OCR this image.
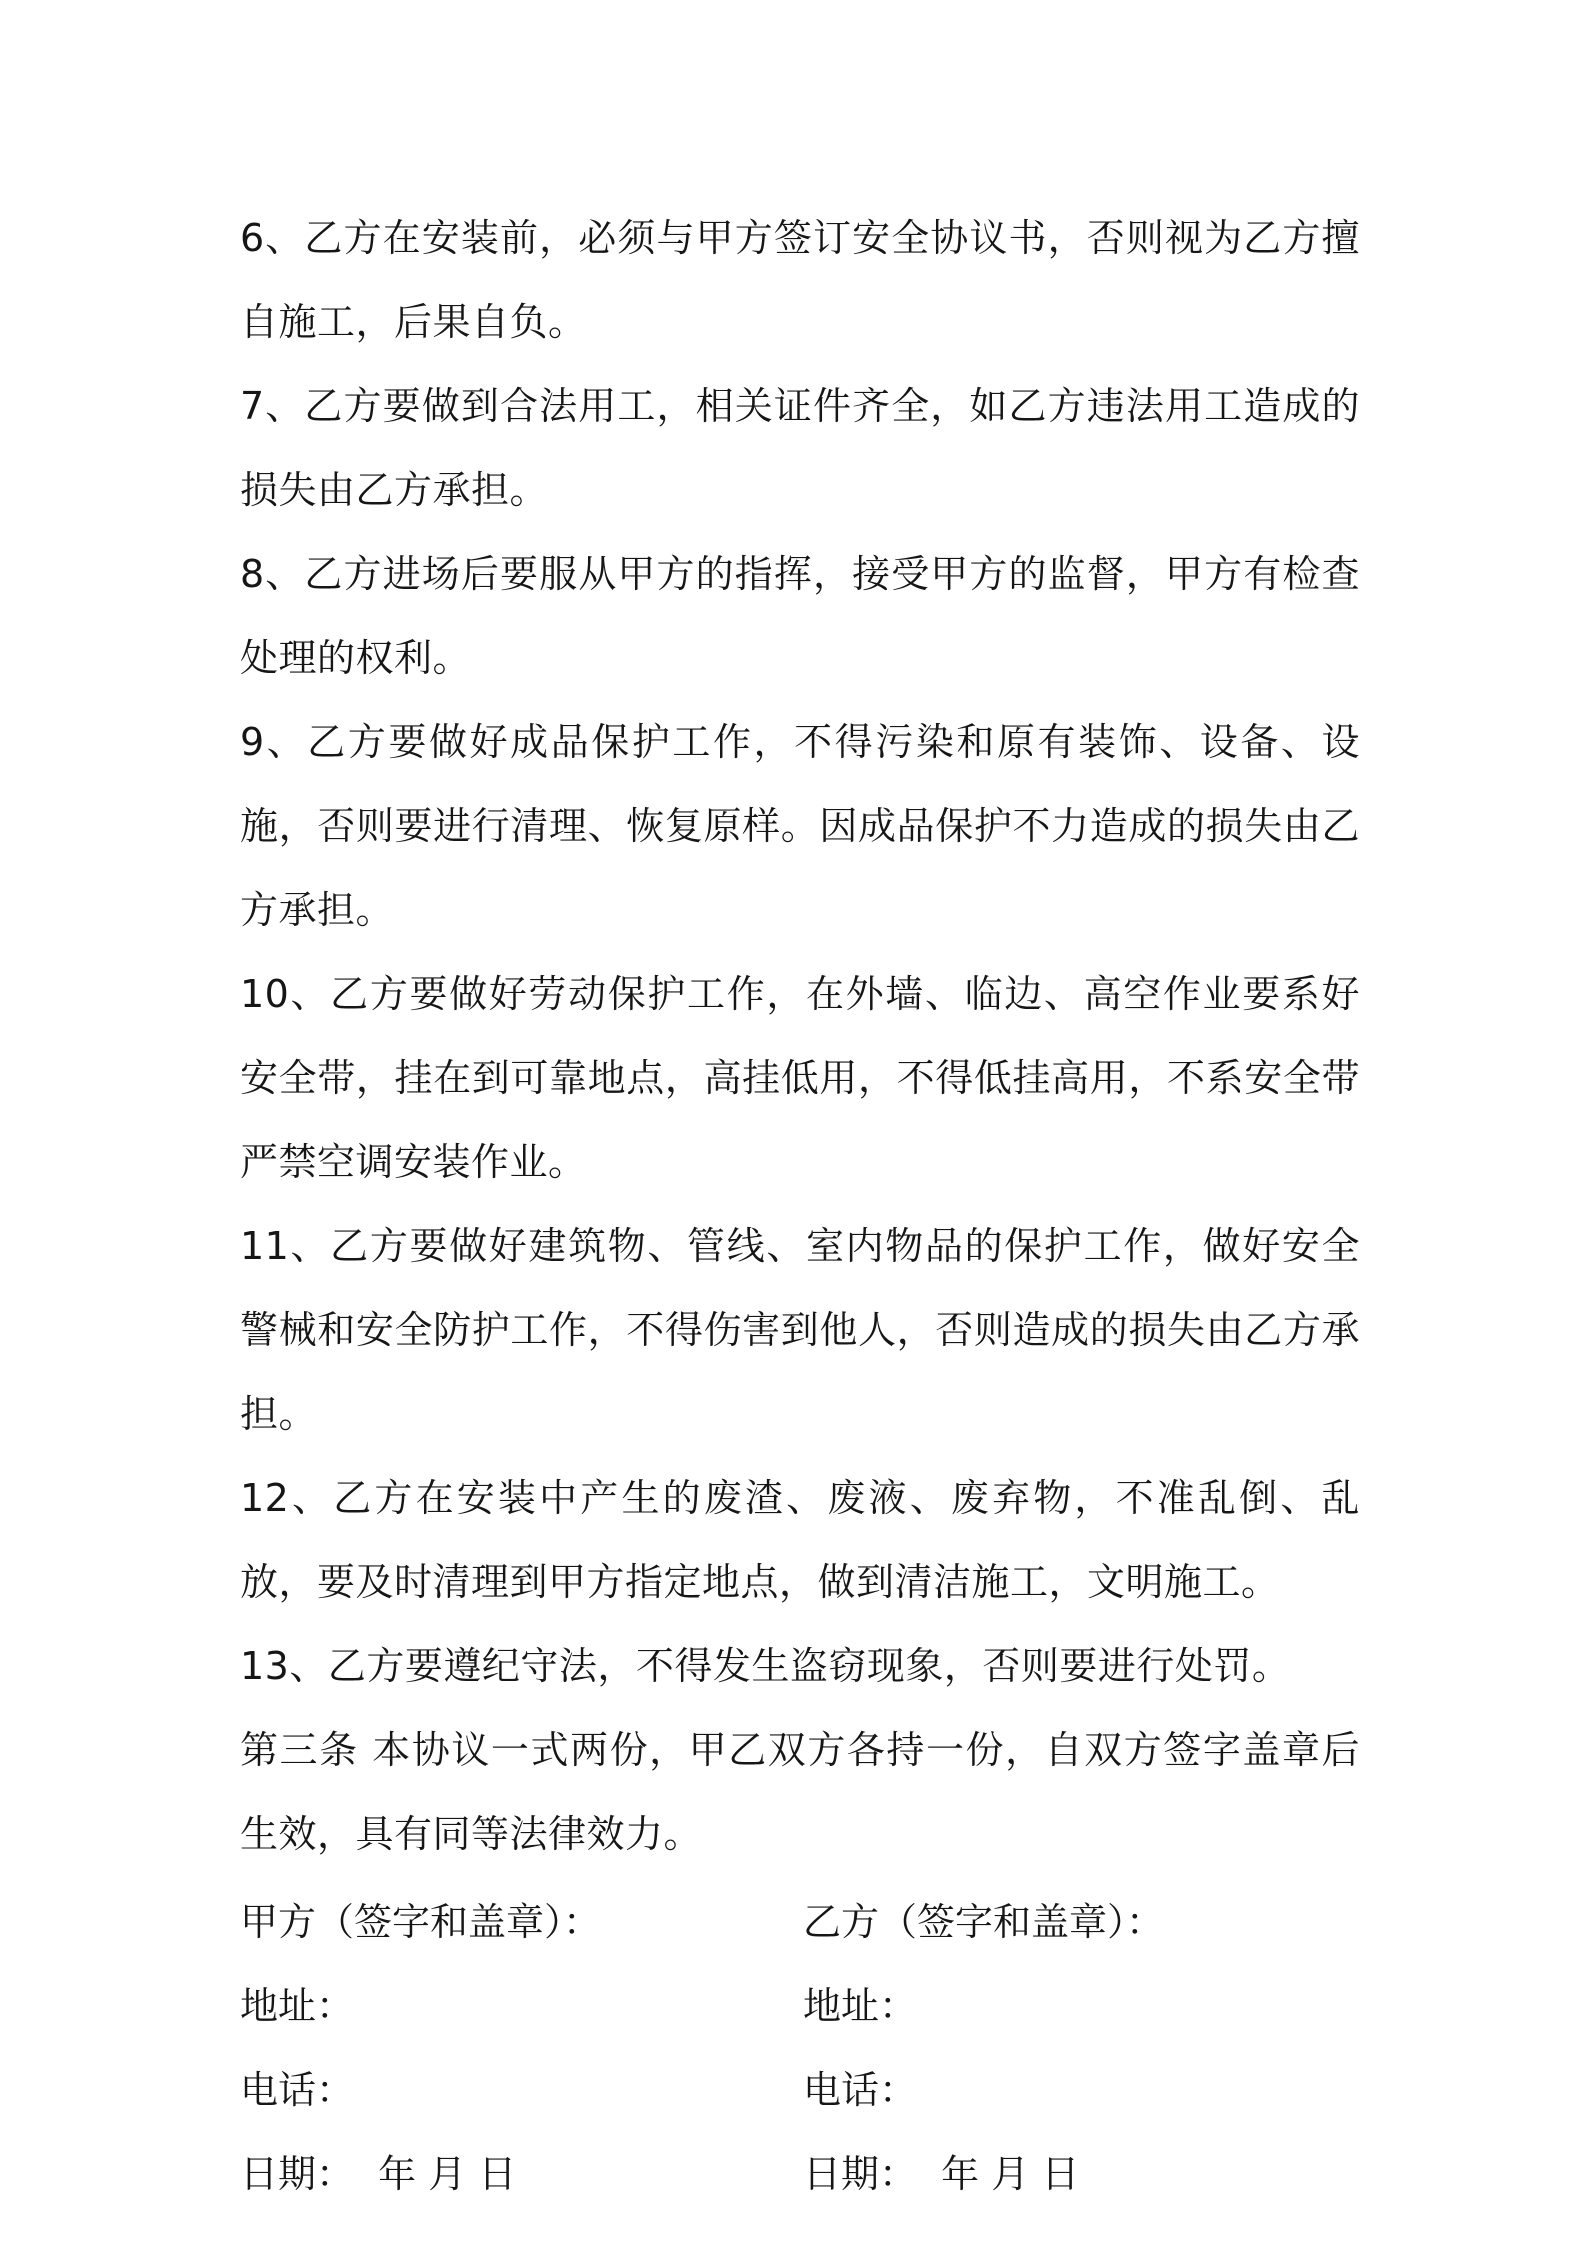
6、乙方在安装前，必须与甲方签订安全协议书，否则视为乙方擅自施工，后果自负。

7、乙方要做到合法用工，相关证件齐全，如乙方违法用工造成的损失由乙方承担。

8、乙方进场后要服从甲方的指挥，接受甲方的监督，甲方有检查处理的权利。

9、乙方要做好成品保护工作，不得污染和原有装饰、设备、设施，否则要进行清理、恢复原样。因成品保护不力造成的损失由乙方承担。

10、乙方要做好劳动保护工作，在外墙、临边、高空作业要系好安全带，挂在到可靠地点，高挂低用，不得低挂高用，不系安全带严禁空调安装作业。

11、乙方要做好建筑物、管线、室内物品的保护工作，做好安全警械和安全防护工作，不得伤害到他人，否则造成的损失由乙方承担。

12、乙方在安装中产生的废渣、废液、废弃物，不准乱倒、乱放，要及时清理到甲方指定地点，做到清洁施工，文明施工。

13、乙方要遵纪守法，不得发生盗窃现象，否则要进行处罚。

第三条 本协议一式两份，甲乙双方各持一份，自双方签字盖章后生效，具有同等法律效力。

甲方（签字和盖章）：	乙方（签字和盖章）：
地址：	地址：
电话：	电话：
日期：  年 月 日	日期：  年 月 日
